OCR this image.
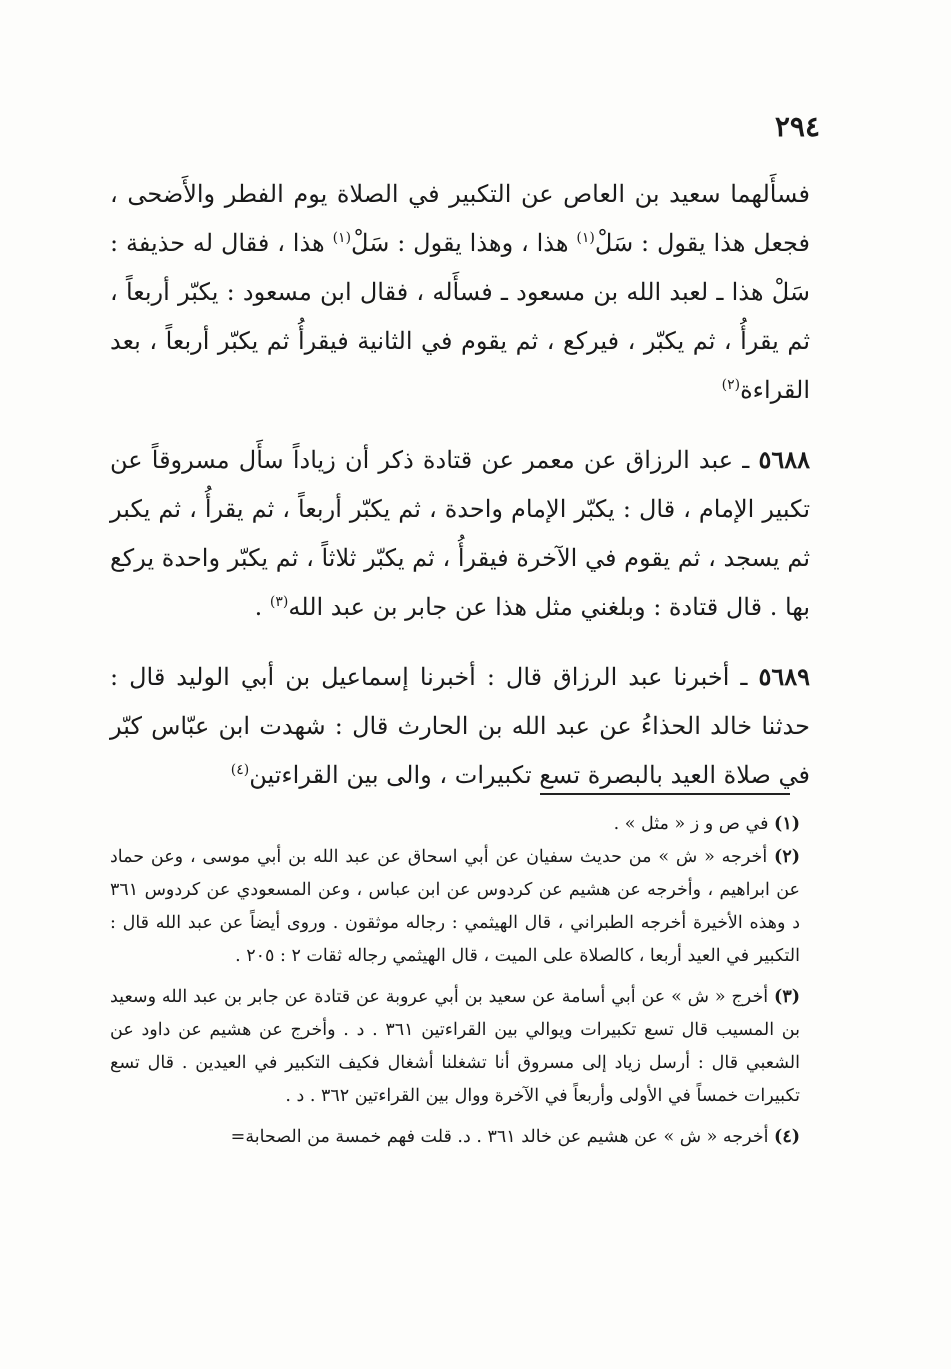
٢٩٤

فسأَلهما سعيد بن العاص عن التكبير في الصلاة يوم الفطر والأَضحى ، فجعل هذا يقول : سَلْ$^{(١)}$ هذا ، وهذا يقول : سَلْ$^{(١)}$ هذا ، فقال له حذيفة : سَلْ هذا ـ لعبد الله بن مسعود ـ فسأَله ، فقال ابن مسعود : يكبّر أربعاً ، ثم يقرأُ ، ثم يكبّر ، فيركع ، ثم يقوم في الثانية فيقرأُ ثم يكبّر أربعاً ، بعد القراءة$^{(٢)}$

٥٦٨٨ ـ عبد الرزاق عن معمر عن قتادة ذكر أن زياداً سأَل مسروقاً عن تكبير الإمام ، قال : يكبّر الإمام واحدة ، ثم يكبّر أربعاً ، ثم يقرأُ ، ثم يكبر ثم يسجد ، ثم يقوم في الآخرة فيقرأُ ، ثم يكبّر ثلاثاً ، ثم يكبّر واحدة يركع بها . قال قتادة : وبلغني مثل هذا عن جابر بن عبد الله$^{(٣)}$ .

٥٦٨٩ ـ أخبرنا عبد الرزاق قال : أخبرنا إسماعيل بن أبي الوليد قال : حدثنا خالد الحذاءُ عن عبد الله بن الحارث قال : شهدت ابن عبّاس كبّر في صلاة العيد بالبصرة تسع تكبيرات ، والى بين القراءتين$^{(٤)}$

(١) في ص و ز « مثل » .

(٢) أخرجه « ش » من حديث سفيان عن أبي اسحاق عن عبد الله بن أبي موسى ، وعن حماد عن ابراهيم ، وأخرجه عن هشيم عن كردوس عن ابن عباس ، وعن المسعودي عن كردوس ٣٦١ د وهذه الأخيرة أخرجه الطبراني ، قال الهيثمي : رجاله موثقون . وروى أيضاً عن عبد الله قال : التكبير في العيد أربعا ، كالصلاة على الميت ، قال الهيثمي رجاله ثقات ٢ : ٢٠٥ .

(٣) أخرج « ش » عن أبي أسامة عن سعيد بن أبي عروبة عن قتادة عن جابر بن عبد الله وسعيد بن المسيب قال تسع تكبيرات ويوالي بين القراءتين ٣٦١ . د . وأخرج عن هشيم عن داود عن الشعبي قال : أرسل زياد إلى مسروق أنا تشغلنا أشغال فكيف التكبير في العيدين . قال تسع تكبيرات خمساً في الأولى وأربعاً في الآخرة ووال بين القراءتين ٣٦٢ . د .

(٤) أخرجه « ش » عن هشيم عن خالد ٣٦١ . د. قلت فهم خمسة من الصحابة=
